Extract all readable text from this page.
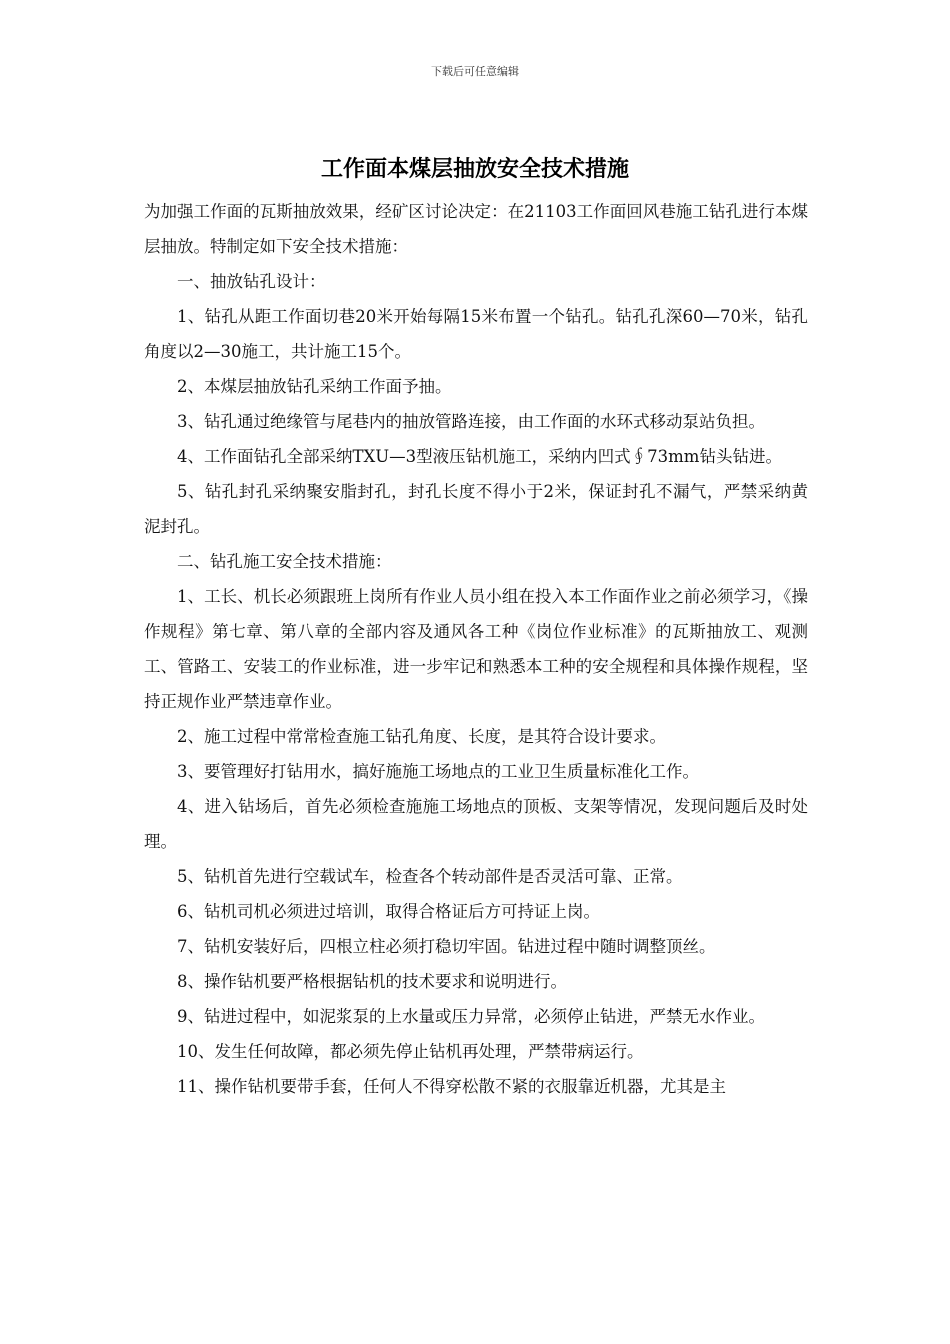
下载后可任意编辑
工作面本煤层抽放安全技术措施

为加强工作面的瓦斯抽放效果，经矿区讨论决定：在21103工作面回风巷施工钻孔进行本煤层抽放。特制定如下安全技术措施：

一、抽放钻孔设计：

1、钻孔从距工作面切巷20米开始每隔15米布置一个钻孔。钻孔孔深60—70米，钻孔角度以2—30施工，共计施工15个。

2、本煤层抽放钻孔采纳工作面予抽。

3、钻孔通过绝缘管与尾巷内的抽放管路连接，由工作面的水环式移动泵站负担。

4、工作面钻孔全部采纳TXU—3型液压钻机施工，采纳内凹式∮73mm钻头钻进。

5、钻孔封孔采纳聚安脂封孔，封孔长度不得小于2米，保证封孔不漏气，严禁采纳黄泥封孔。

二、钻孔施工安全技术措施：

1、工长、机长必须跟班上岗所有作业人员小组在投入本工作面作业之前必须学习，《操作规程》第七章、第八章的全部内容及通风各工种《岗位作业标准》的瓦斯抽放工、观测工、管路工、安装工的作业标准，进一步牢记和熟悉本工种的安全规程和具体操作规程，坚持正规作业严禁违章作业。

2、施工过程中常常检查施工钻孔角度、长度，是其符合设计要求。

3、要管理好打钻用水，搞好施施工场地点的工业卫生质量标准化工作。

4、进入钻场后，首先必须检查施施工场地点的顶板、支架等情况，发现问题后及时处理。

5、钻机首先进行空载试车，检查各个转动部件是否灵活可靠、正常。

6、钻机司机必须进过培训，取得合格证后方可持证上岗。

7、钻机安装好后，四根立柱必须打稳切牢固。钻进过程中随时调整顶丝。

8、操作钻机要严格根据钻机的技术要求和说明进行。

9、钻进过程中，如泥浆泵的上水量或压力异常，必须停止钻进，严禁无水作业。

10、发生任何故障，都必须先停止钻机再处理，严禁带病运行。

11、操作钻机要带手套，任何人不得穿松散不紧的衣服靠近机器，尤其是主
